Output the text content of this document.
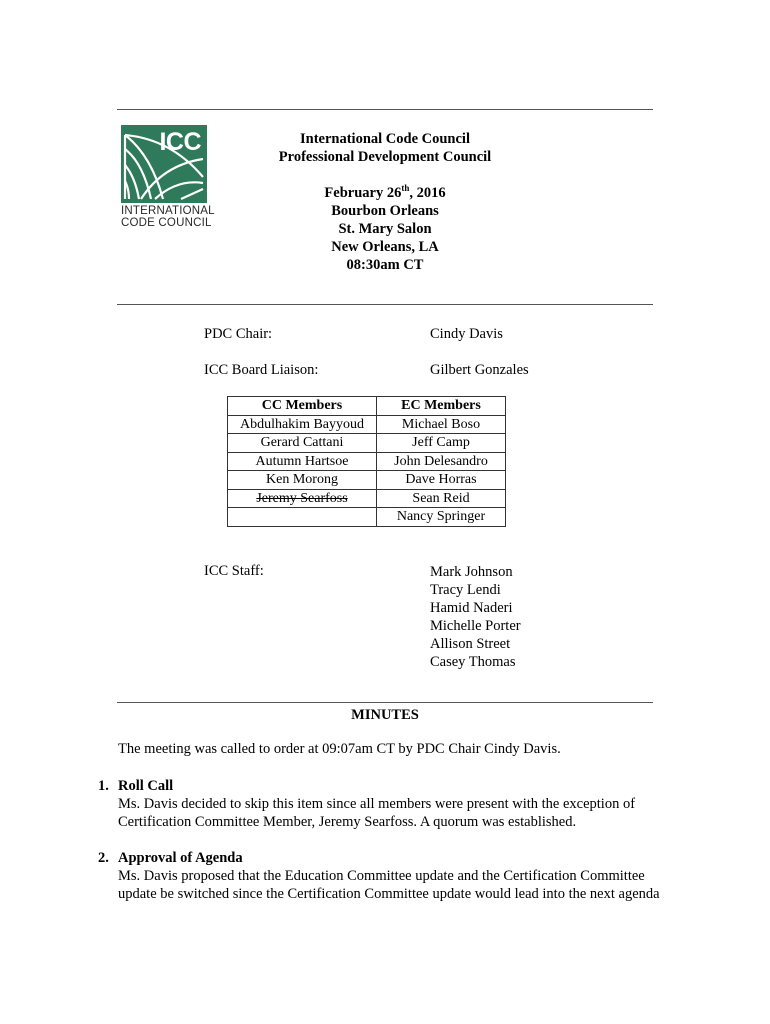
ICC
INTERNATIONAL
CODE COUNCIL
International Code Council
Professional Development Council
February 26th, 2016
Bourbon Orleans
St. Mary Salon
New Orleans, LA
08:30am CT
PDC Chair:	Cindy Davis
ICC Board Liaison:	Gilbert Gonzales
CC Members	EC Members
Abdulhakim Bayyoud	Michael Boso
Gerard Cattani	Jeff Camp
Autumn Hartsoe	John Delesandro
Ken Morong	Dave Horras
Jeremy Searfoss	Sean Reid
	Nancy Springer
ICC Staff:	Mark Johnson
Tracy Lendi
Hamid Naderi
Michelle Porter
Allison Street
Casey Thomas
MINUTES
The meeting was called to order at 09:07am CT by PDC Chair Cindy Davis.
1. Roll Call
Ms. Davis decided to skip this item since all members were present with the exception of
Certification Committee Member, Jeremy Searfoss. A quorum was established.
2. Approval of Agenda
Ms. Davis proposed that the Education Committee update and the Certification Committee
update be switched since the Certification Committee update would lead into the next agenda
